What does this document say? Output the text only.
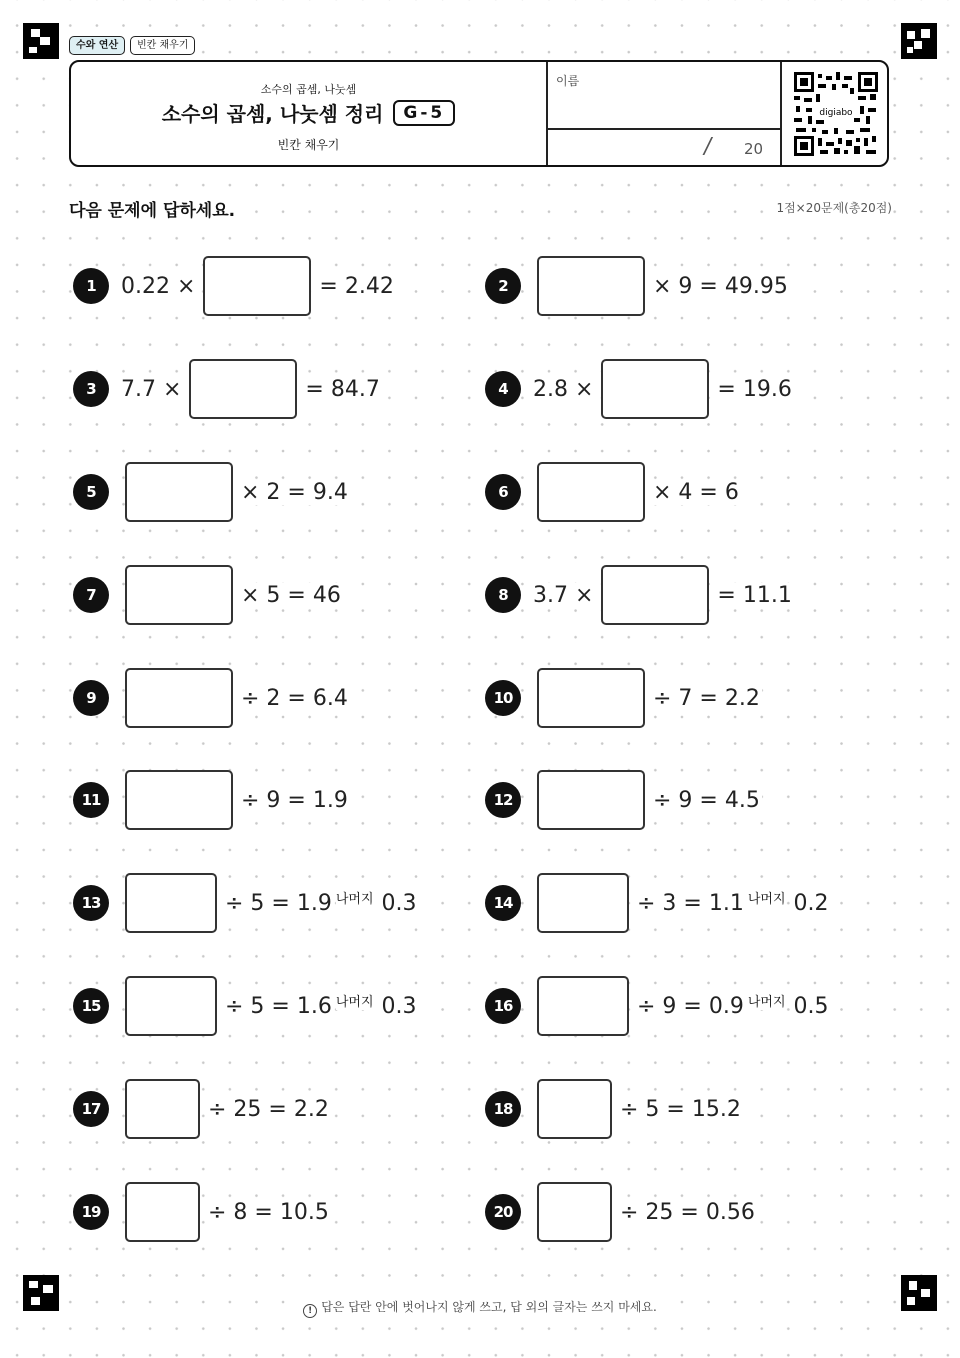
수와 연산	빈칸 채우기
소수의 곱셈, 나눗셈
소수의 곱셈, 나눗셈 정리	G-5
빈칸 채우기
이름
/ 20
digiabo
다음 문제에 답하세요.	1점×20문제(총20점)
1	0.22 ×	= 2.42
3	7.7 ×	= 84.7
5	× 2 = 9.4
7	× 5 = 46
9	÷ 2 = 6.4
11	÷ 9 = 1.9
13	÷ 5 = 1.9 나머지 0.3
15	÷ 5 = 1.6 나머지 0.3
17	÷ 25 = 2.2
19	÷ 8 = 10.5
2	× 9 = 49.95
4	2.8 ×	= 19.6
6	× 4 = 6
8	3.7 ×	= 11.1
10	÷ 7 = 2.2
12	÷ 9 = 4.5
14	÷ 3 = 1.1 나머지 0.2
16	÷ 9 = 0.9 나머지 0.5
18	÷ 5 = 15.2
20	÷ 25 = 0.56
! 답은 답란 안에 벗어나지 않게 쓰고, 답 외의 글자는 쓰지 마세요.
